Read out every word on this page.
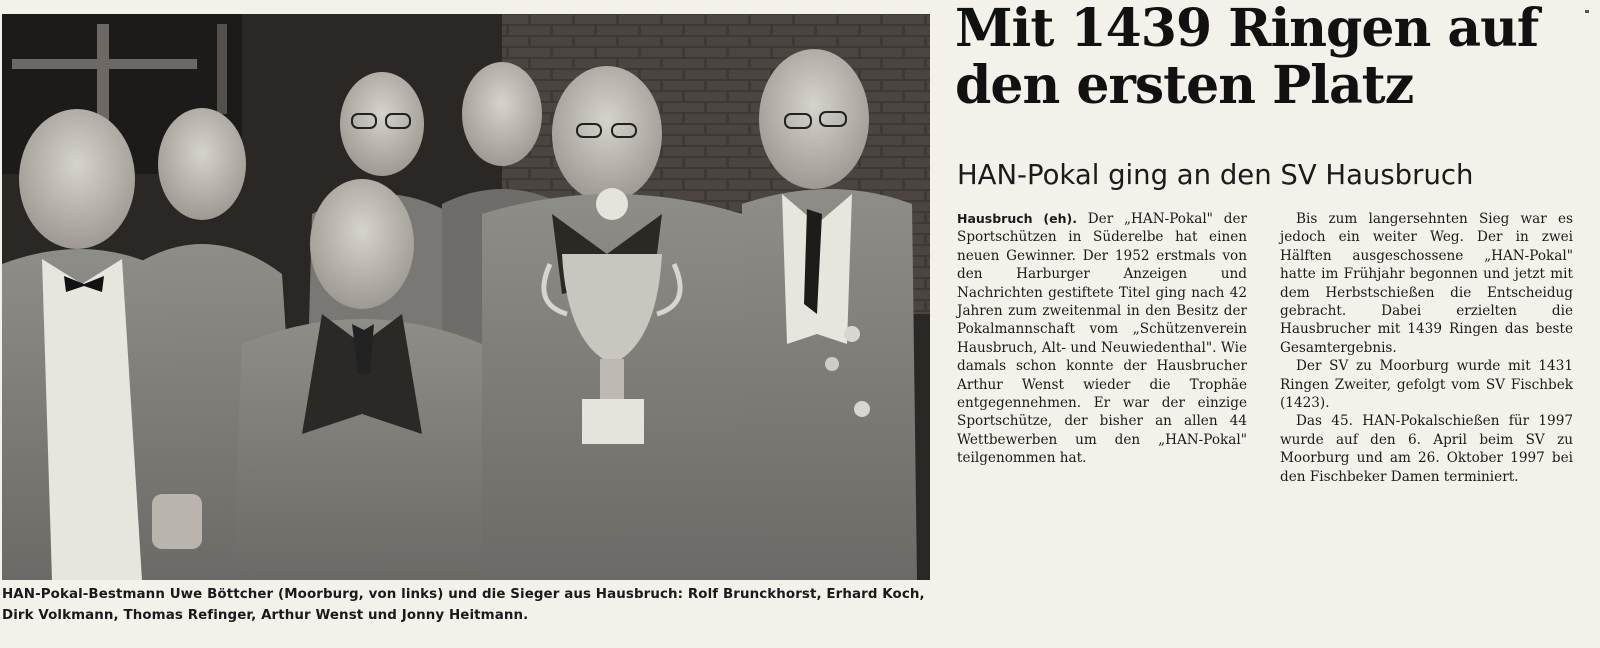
HAN-Pokal-Bestmann Uwe Böttcher (Moorburg, von links) und die Sieger aus Hausbruch: Rolf Brunckhorst, Erhard Koch, Dirk Volkmann, Thomas Refinger, Arthur Wenst und Jonny Heitmann.
Mit 1439 Ringen auf den ersten Platz
HAN-Pokal ging an den SV Hausbruch

Hausbruch (eh). Der „HAN-Pokal" der Sportschützen in Süderelbe hat einen neuen Gewinner. Der 1952 erstmals von den Harburger Anzeigen und Nachrichten gestiftete Titel ging nach 42 Jahren zum zweitenmal in den Besitz der Pokalmannschaft vom „Schützenverein Hausbruch, Alt- und Neuwiedenthal". Wie damals schon konnte der Hausbrucher Arthur Wenst wieder die Trophäe entgegennehmen. Er war der einzige Sportschütze, der bisher an allen 44 Wettbewerben um den „HAN-Pokal" teilgenommen hat.

Bis zum langersehnten Sieg war es jedoch ein weiter Weg. Der in zwei Hälften ausgeschossene „HAN-Pokal" hatte im Frühjahr begonnen und jetzt mit dem Herbstschießen die Entscheidug gebracht. Dabei erzielten die Hausbrucher mit 1439 Ringen das beste Gesamtergebnis.

Der SV zu Moorburg wurde mit 1431 Ringen Zweiter, gefolgt vom SV Fischbek (1423).

Das 45. HAN-Pokalschießen für 1997 wurde auf den 6. April beim SV zu Moorburg und am 26. Oktober 1997 bei den Fischbeker Damen terminiert.
